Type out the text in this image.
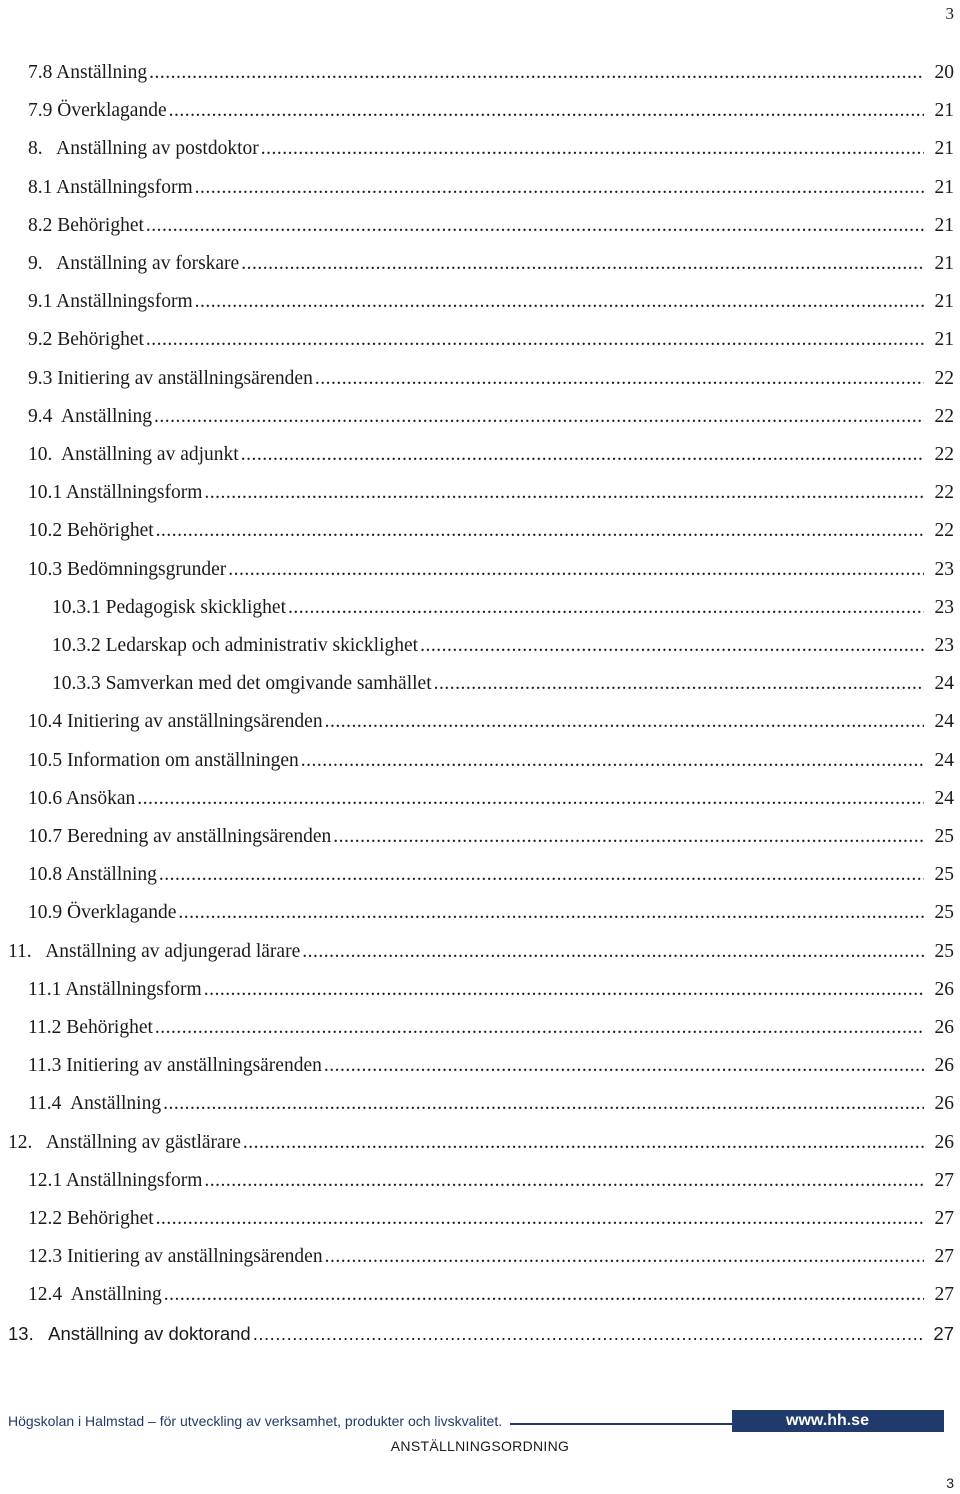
3
7.8 Anställning .....	20
7.9 Överklagande .....	21
8.   Anställning av postdoktor .....	21
8.1 Anställningsform .....	21
8.2 Behörighet .....	21
9.   Anställning av forskare .....	21
9.1 Anställningsform .....	21
9.2 Behörighet .....	21
9.3 Initiering av anställningsärenden .....	22
9.4  Anställning .....	22
10.  Anställning av adjunkt .....	22
10.1 Anställningsform .....	22
10.2 Behörighet .....	22
10.3 Bedömningsgrunder .....	23
10.3.1 Pedagogisk skicklighet .....	23
10.3.2 Ledarskap och administrativ skicklighet .....	23
10.3.3 Samverkan med det omgivande samhället .....	24
10.4 Initiering av anställningsärenden .....	24
10.5 Information om anställningen .....	24
10.6 Ansökan .....	24
10.7 Beredning av anställningsärenden .....	25
10.8 Anställning .....	25
10.9 Överklagande .....	25
11.   Anställning av adjungerad lärare .....	25
11.1 Anställningsform .....	26
11.2 Behörighet .....	26
11.3 Initiering av anställningsärenden .....	26
11.4  Anställning .....	26
12.   Anställning av gästlärare .....	26
12.1 Anställningsform .....	27
12.2 Behörighet .....	27
12.3 Initiering av anställningsärenden .....	27
12.4  Anställning .....	27
13.   Anställning av doktorand .....	27
Högskolan i Halmstad – för utveckling av verksamhet, produkter och livskvalitet.	www.hh.se
ANSTÄLLNINGSORDNING
3
